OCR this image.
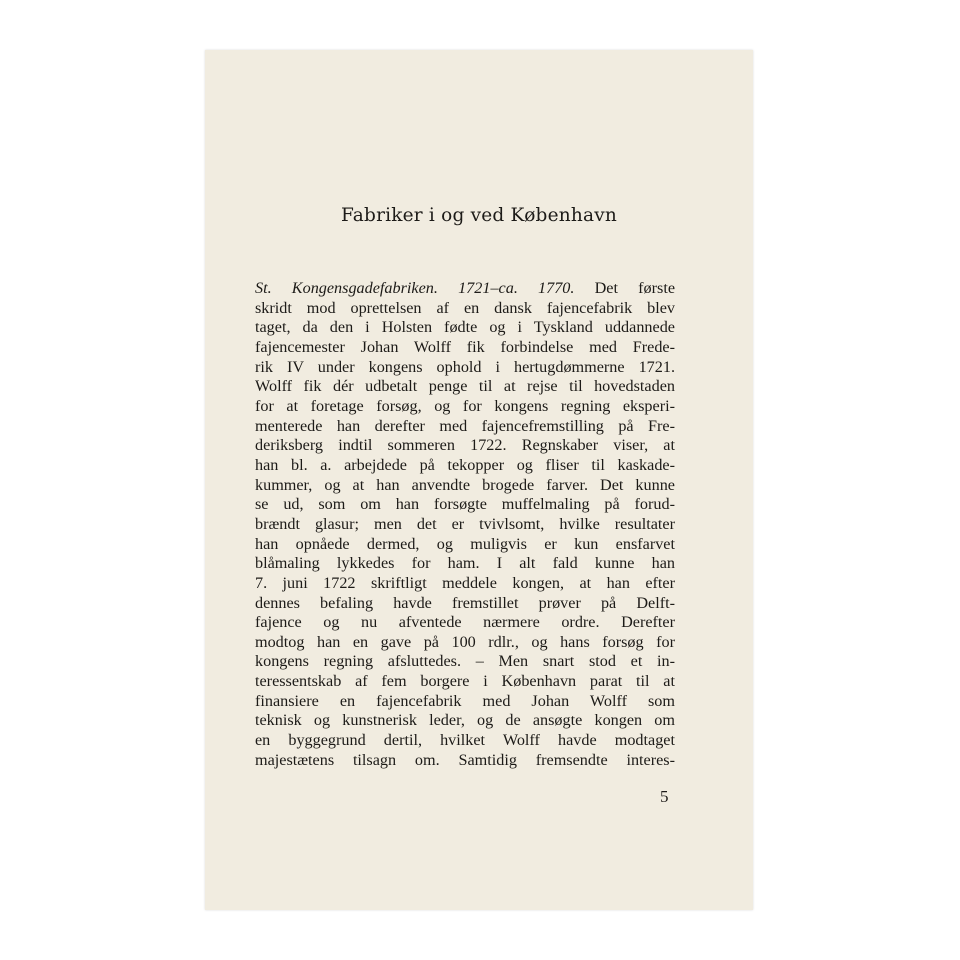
Fabriker i og ved København
St. Kongensgadefabriken. 1721–ca. 1770. Det første
skridt mod oprettelsen af en dansk fajencefabrik blev
taget, da den i Holsten fødte og i Tyskland uddannede
fajencemester Johan Wolff fik forbindelse med Frede-
rik IV under kongens ophold i hertugdømmerne 1721.
Wolff fik dér udbetalt penge til at rejse til hovedstaden
for at foretage forsøg, og for kongens regning eksperi-
menterede han derefter med fajencefremstilling på Fre-
deriksberg indtil sommeren 1722. Regnskaber viser, at
han bl. a. arbejdede på tekopper og fliser til kaskade-
kummer, og at han anvendte brogede farver. Det kunne
se ud, som om han forsøgte muffelmaling på forud-
brændt glasur; men det er tvivlsomt, hvilke resultater
han opnåede dermed, og muligvis er kun ensfarvet
blåmaling lykkedes for ham. I alt fald kunne han
7. juni 1722 skriftligt meddele kongen, at han efter
dennes befaling havde fremstillet prøver på Delft-
fajence og nu afventede nærmere ordre. Derefter
modtog han en gave på 100 rdlr., og hans forsøg for
kongens regning afsluttedes. – Men snart stod et in-
teressentskab af fem borgere i København parat til at
finansiere en fajencefabrik med Johan Wolff som
teknisk og kunstnerisk leder, og de ansøgte kongen om
en byggegrund dertil, hvilket Wolff havde modtaget
majestætens tilsagn om. Samtidig fremsendte interes-
5
